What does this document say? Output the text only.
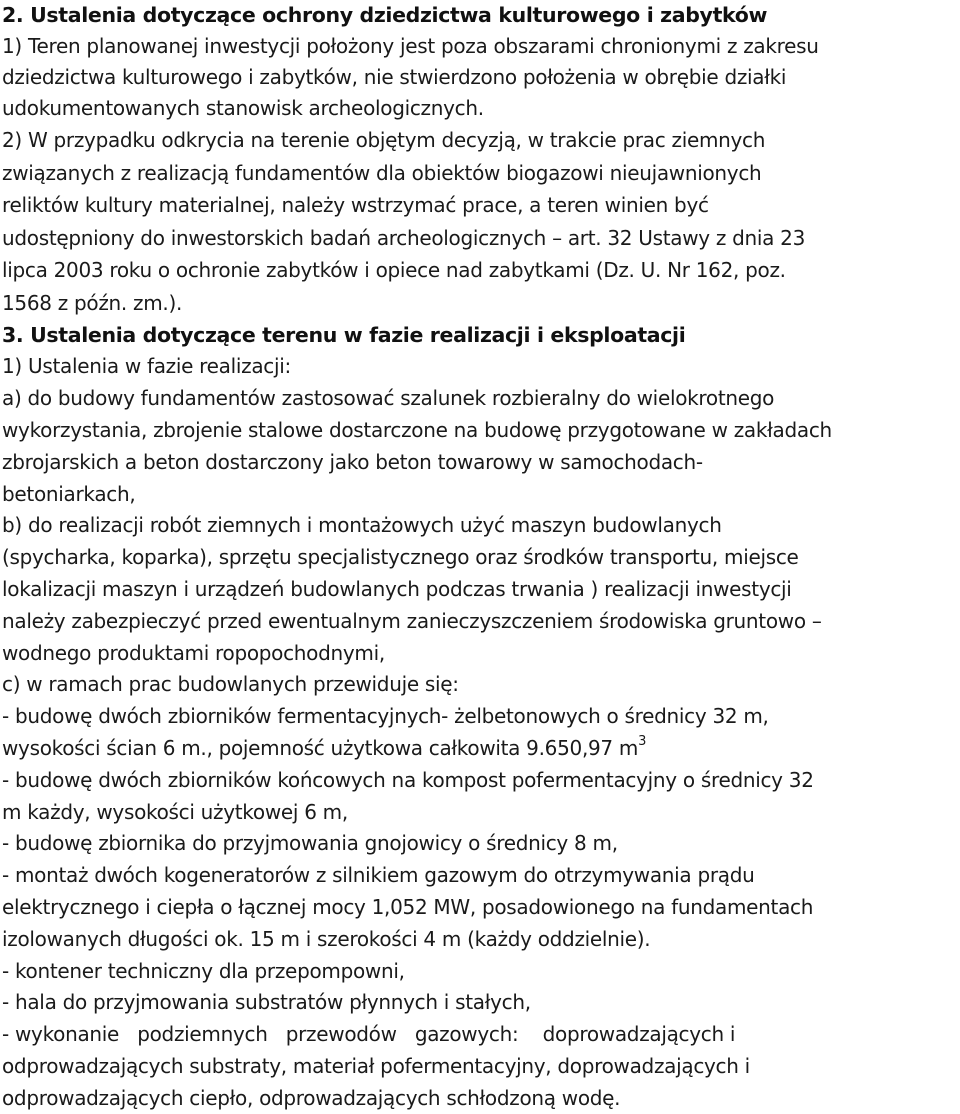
2. Ustalenia dotyczące ochrony dziedzictwa kulturowego i zabytków
1) Teren planowanej inwestycji położony jest poza obszarami chronionymi z zakresu
dziedzictwa kulturowego i zabytków, nie stwierdzono położenia w obrębie działki
udokumentowanych stanowisk archeologicznych.
2) W przypadku odkrycia na terenie objętym decyzją, w trakcie prac ziemnych
związanych z realizacją fundamentów dla obiektów biogazowi nieujawnionych
reliktów kultury materialnej, należy wstrzymać prace, a teren winien być
udostępniony do inwestorskich badań archeologicznych – art. 32 Ustawy z dnia 23
lipca 2003 roku o ochronie zabytków i opiece nad zabytkami (Dz. U. Nr 162, poz.
1568 z późn. zm.).
3. Ustalenia dotyczące terenu w fazie realizacji i eksploatacji
1) Ustalenia w fazie realizacji:
a) do budowy fundamentów zastosować szalunek rozbieralny do wielokrotnego
wykorzystania, zbrojenie stalowe dostarczone na budowę przygotowane w zakładach
zbrojarskich a beton dostarczony jako beton towarowy w samochodach-
betoniarkach,
b) do realizacji robót ziemnych i montażowych użyć maszyn budowlanych
(spycharka, koparka), sprzętu specjalistycznego oraz środków transportu, miejsce
lokalizacji maszyn i urządzeń budowlanych podczas trwania ) realizacji inwestycji
należy zabezpieczyć przed ewentualnym zanieczyszczeniem środowiska gruntowo –
wodnego produktami ropopochodnymi,
c) w ramach prac budowlanych przewiduje się:
- budowę dwóch zbiorników fermentacyjnych- żelbetonowych o średnicy 32 m,
wysokości ścian 6 m., pojemność użytkowa całkowita 9.650,97 $m^3$
- budowę dwóch zbiorników końcowych na kompost pofermentacyjny o średnicy 32
m każdy, wysokości użytkowej 6 m,
- budowę zbiornika do przyjmowania gnojowicy o średnicy 8 m,
- montaż dwóch kogeneratorów z silnikiem gazowym do otrzymywania prądu
elektrycznego i ciepła o łącznej mocy 1,052 MW, posadowionego na fundamentach
izolowanych długości ok. 15 m i szerokości 4 m (każdy oddzielnie).
- kontener techniczny dla przepompowni,
- hala do przyjmowania substratów płynnych i stałych,
- wykonanie   podziemnych   przewodów   gazowych:    doprowadzających i
odprowadzających substraty, materiał pofermentacyjny, doprowadzających i
odprowadzających ciepło, odprowadzających schłodzoną wodę.
